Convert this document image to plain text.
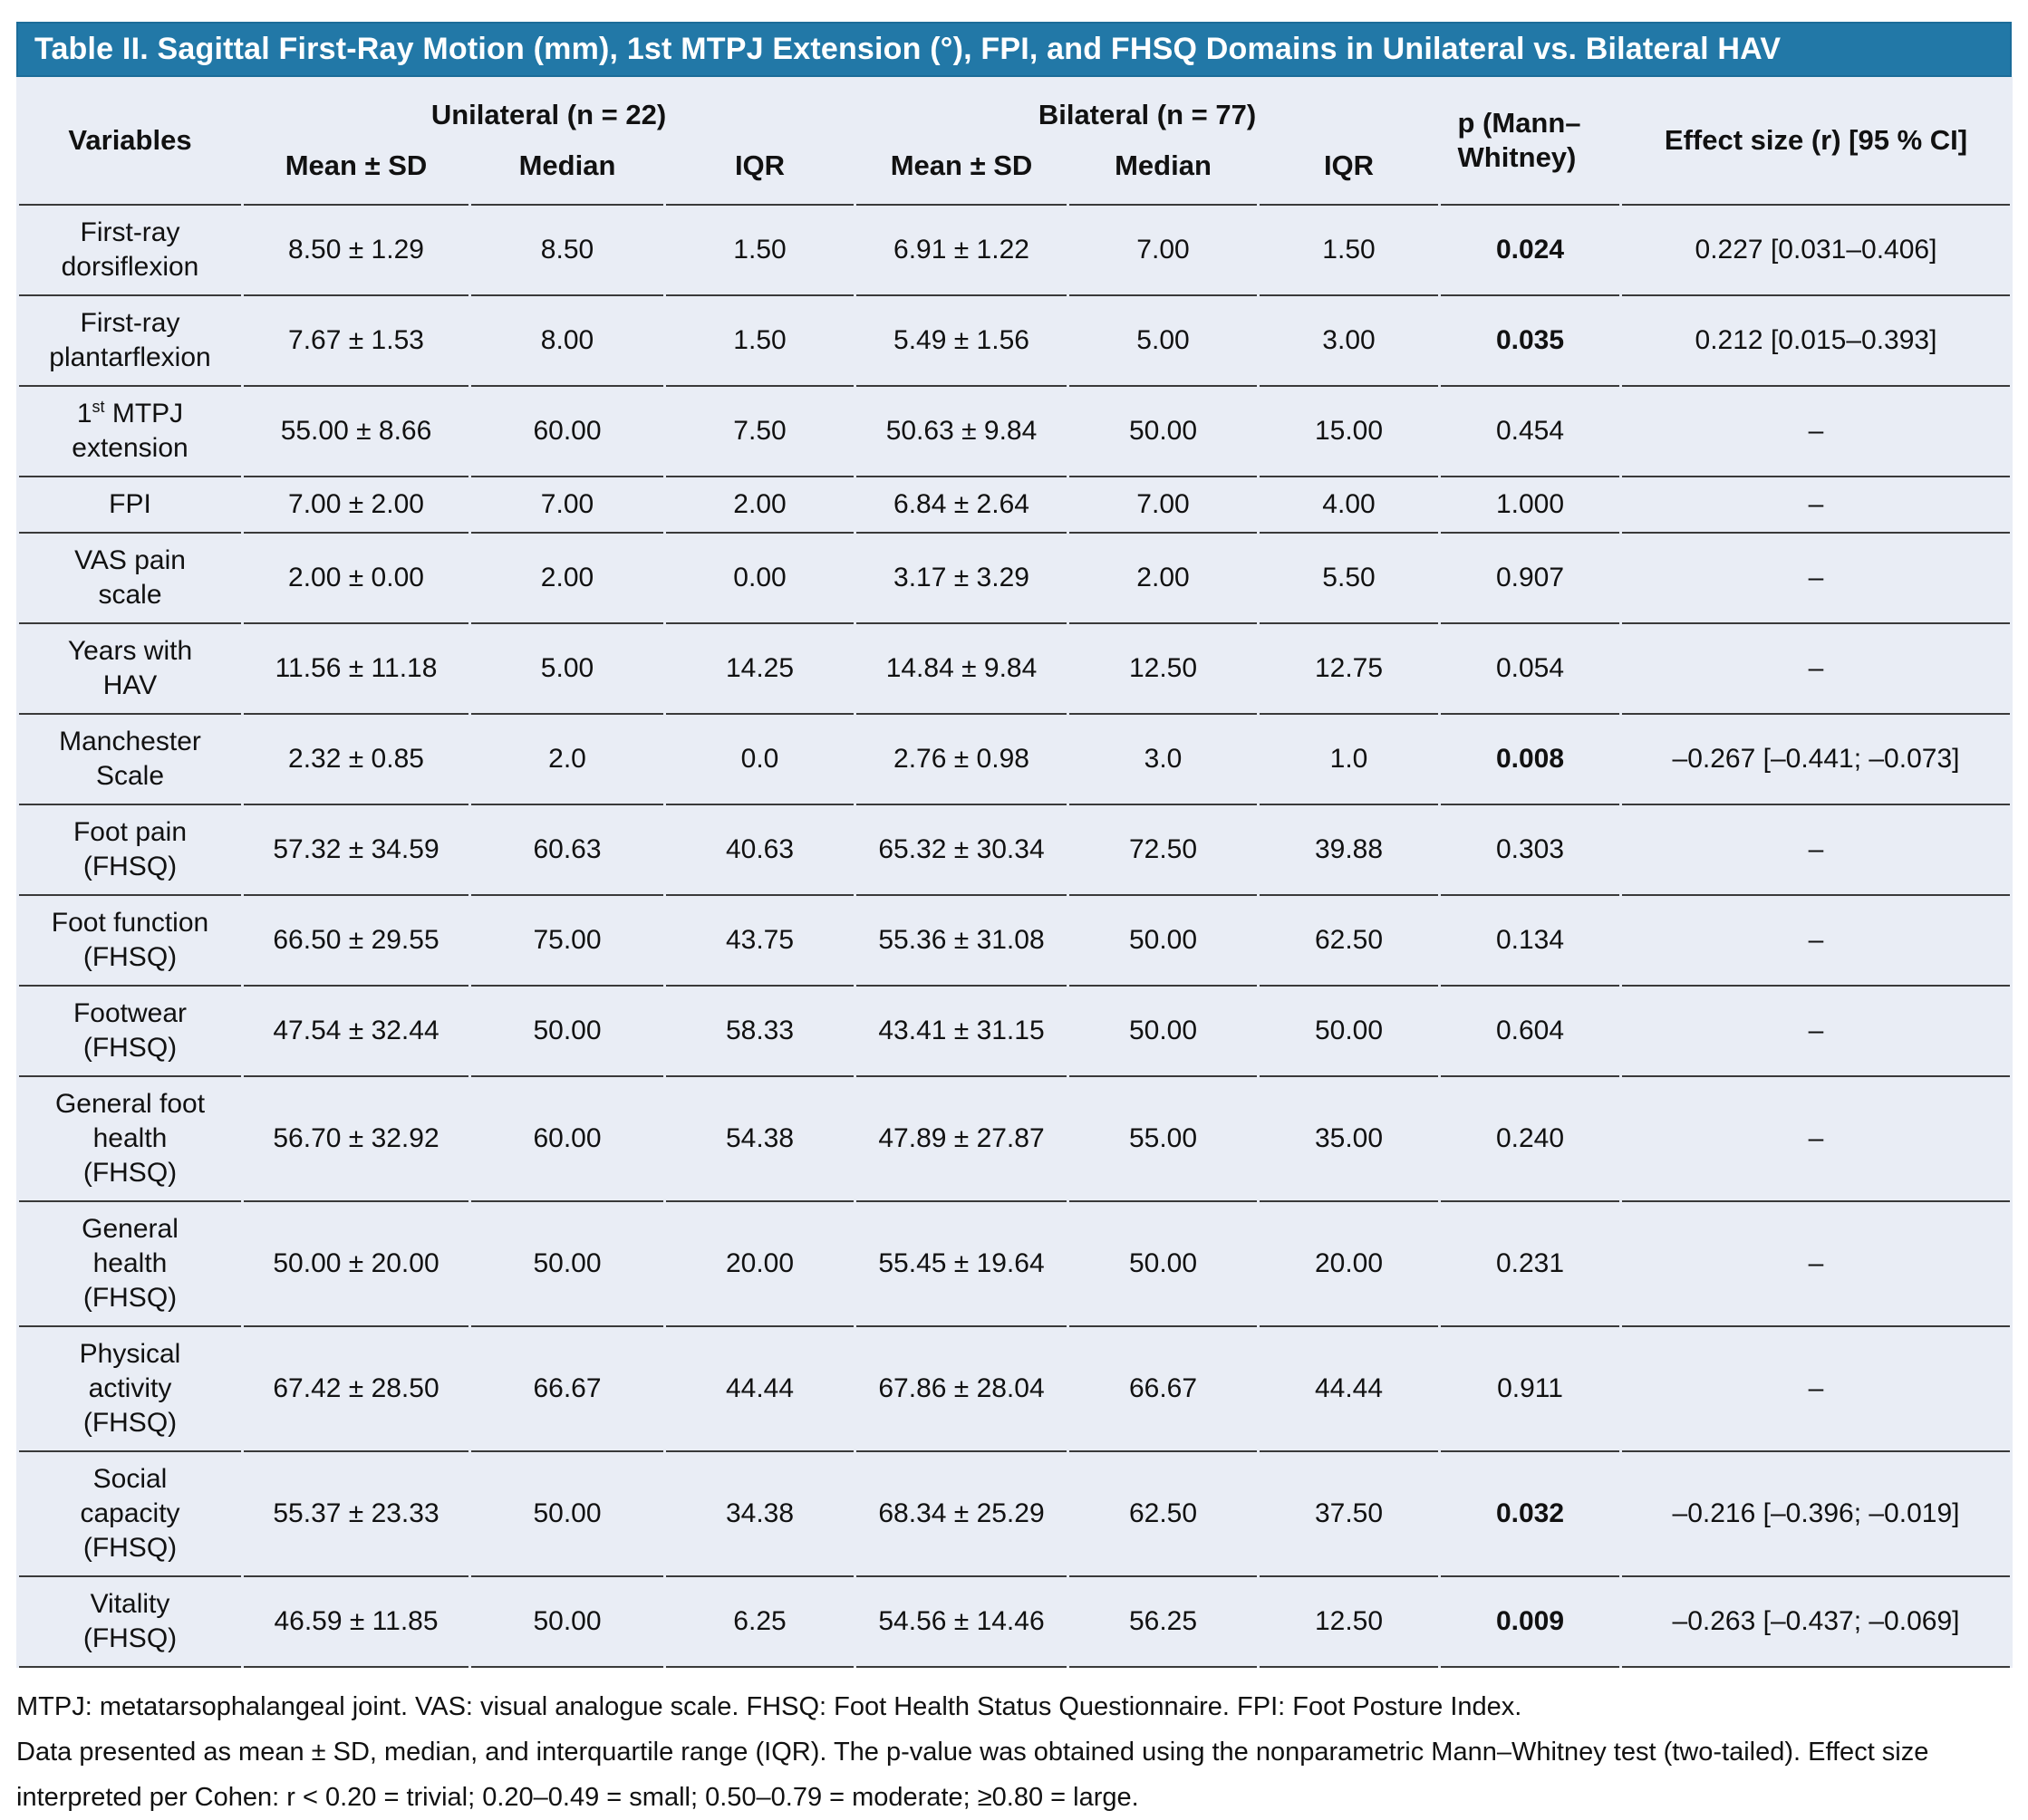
Table II. Sagittal First-Ray Motion (mm), 1st MTPJ Extension (°), FPI, and FHSQ Domains in Unilateral vs. Bilateral HAV
Variables	Unilateral (n = 22)			Bilateral (n = 77)			p (Mann–Whitney)	Effect size (r) [95 % CI]
	Mean ± SD	Median	IQR	Mean ± SD	Median	IQR		
First-ray dorsiflexion	8.50 ± 1.29	8.50	1.50	6.91 ± 1.22	7.00	1.50	0.024	0.227 [0.031–0.406]
First-ray plantarflexion	7.67 ± 1.53	8.00	1.50	5.49 ± 1.56	5.00	3.00	0.035	0.212 [0.015–0.393]
1st MTPJ extension	55.00 ± 8.66	60.00	7.50	50.63 ± 9.84	50.00	15.00	0.454	–
FPI	7.00 ± 2.00	7.00	2.00	6.84 ± 2.64	7.00	4.00	1.000	–
VAS pain scale	2.00 ± 0.00	2.00	0.00	3.17 ± 3.29	2.00	5.50	0.907	–
Years with HAV	11.56 ± 11.18	5.00	14.25	14.84 ± 9.84	12.50	12.75	0.054	–
Manchester Scale	2.32 ± 0.85	2.0	0.0	2.76 ± 0.98	3.0	1.0	0.008	–0.267 [–0.441; –0.073]
Foot pain (FHSQ)	57.32 ± 34.59	60.63	40.63	65.32 ± 30.34	72.50	39.88	0.303	–
Foot function (FHSQ)	66.50 ± 29.55	75.00	43.75	55.36 ± 31.08	50.00	62.50	0.134	–
Footwear (FHSQ)	47.54 ± 32.44	50.00	58.33	43.41 ± 31.15	50.00	50.00	0.604	–
General foot health (FHSQ)	56.70 ± 32.92	60.00	54.38	47.89 ± 27.87	55.00	35.00	0.240	–
General health (FHSQ)	50.00 ± 20.00	50.00	20.00	55.45 ± 19.64	50.00	20.00	0.231	–
Physical activity (FHSQ)	67.42 ± 28.50	66.67	44.44	67.86 ± 28.04	66.67	44.44	0.911	–
Social capacity (FHSQ)	55.37 ± 23.33	50.00	34.38	68.34 ± 25.29	62.50	37.50	0.032	–0.216 [–0.396; –0.019]
Vitality (FHSQ)	46.59 ± 11.85	50.00	6.25	54.56 ± 14.46	56.25	12.50	0.009	–0.263 [–0.437; –0.069]

MTPJ: metatarsophalangeal joint. VAS: visual analogue scale. FHSQ: Foot Health Status Questionnaire. FPI: Foot Posture Index.

Data presented as mean ± SD, median, and interquartile range (IQR). The p-value was obtained using the nonparametric Mann–Whitney test (two-tailed). Effect size interpreted per Cohen: r < 0.20 = trivial; 0.20–0.49 = small; 0.50–0.79 = moderate; ≥0.80 = large.
